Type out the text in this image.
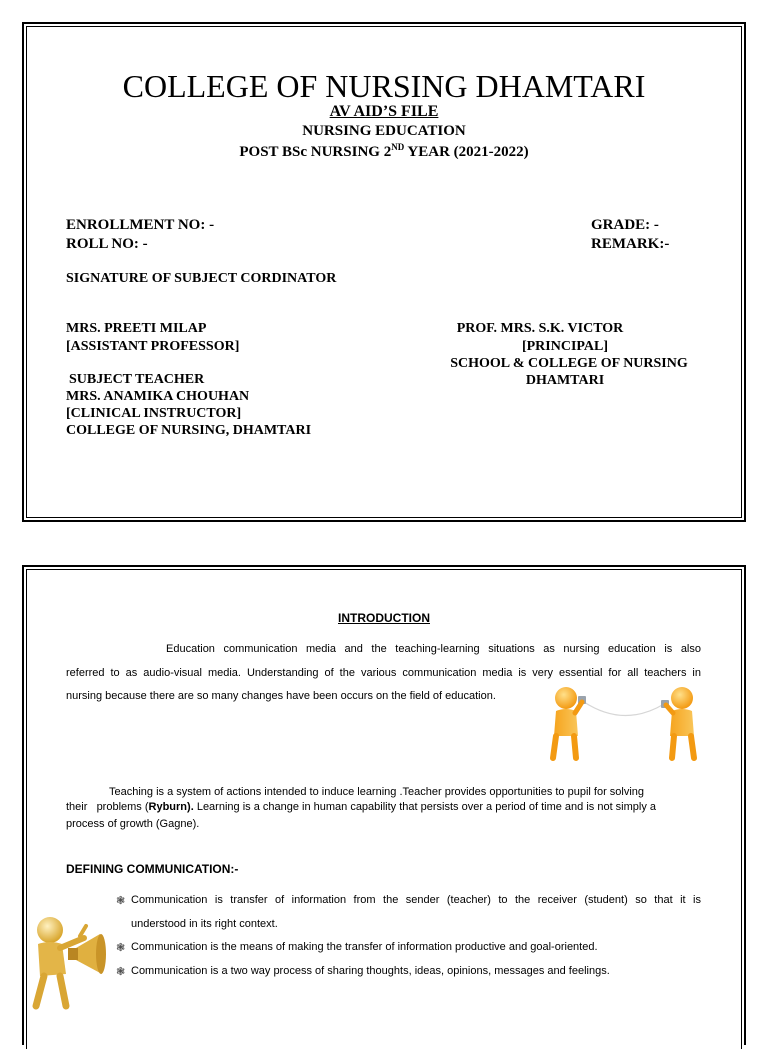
COLLEGE OF NURSING DHAMTARI
AV AID’S FILE
NURSING EDUCATION
POST BSc NURSING 2ND YEAR (2021-2022)
ENROLLMENT NO: -
ROLL NO: -
GRADE: -
REMARK:-
SIGNATURE OF SUBJECT CORDINATOR
MRS. PREETI MILAP
[ASSISTANT PROFESSOR]
PROF. MRS. S.K. VICTOR
[PRINCIPAL]
SCHOOL & COLLEGE OF NURSING
DHAMTARI
SUBJECT TEACHER
MRS. ANAMIKA CHOUHAN
[CLINICAL INSTRUCTOR]
COLLEGE OF NURSING, DHAMTARI
INTRODUCTION
Education communication media and the teaching-learning situations as nursing education is also
referred to as audio-visual media. Understanding of the various communication media is very essential for all teachers in
nursing because there are so many changes have been occurs on the field of education.
Teaching is a system of actions intended to induce learning .Teacher provides opportunities to pupil for solving
their   problems (Ryburn). Learning is a change in human capability that persists over a period of time and is not simply a
process of growth (Gagne).
DEFINING COMMUNICATION:-
❃ Communication is transfer of information from the sender (teacher) to the receiver (student) so that it is
understood in its right context.
❃ Communication is the means of making the transfer of information productive and goal-oriented.
❃ Communication is a two way process of sharing thoughts, ideas, opinions, messages and feelings.
